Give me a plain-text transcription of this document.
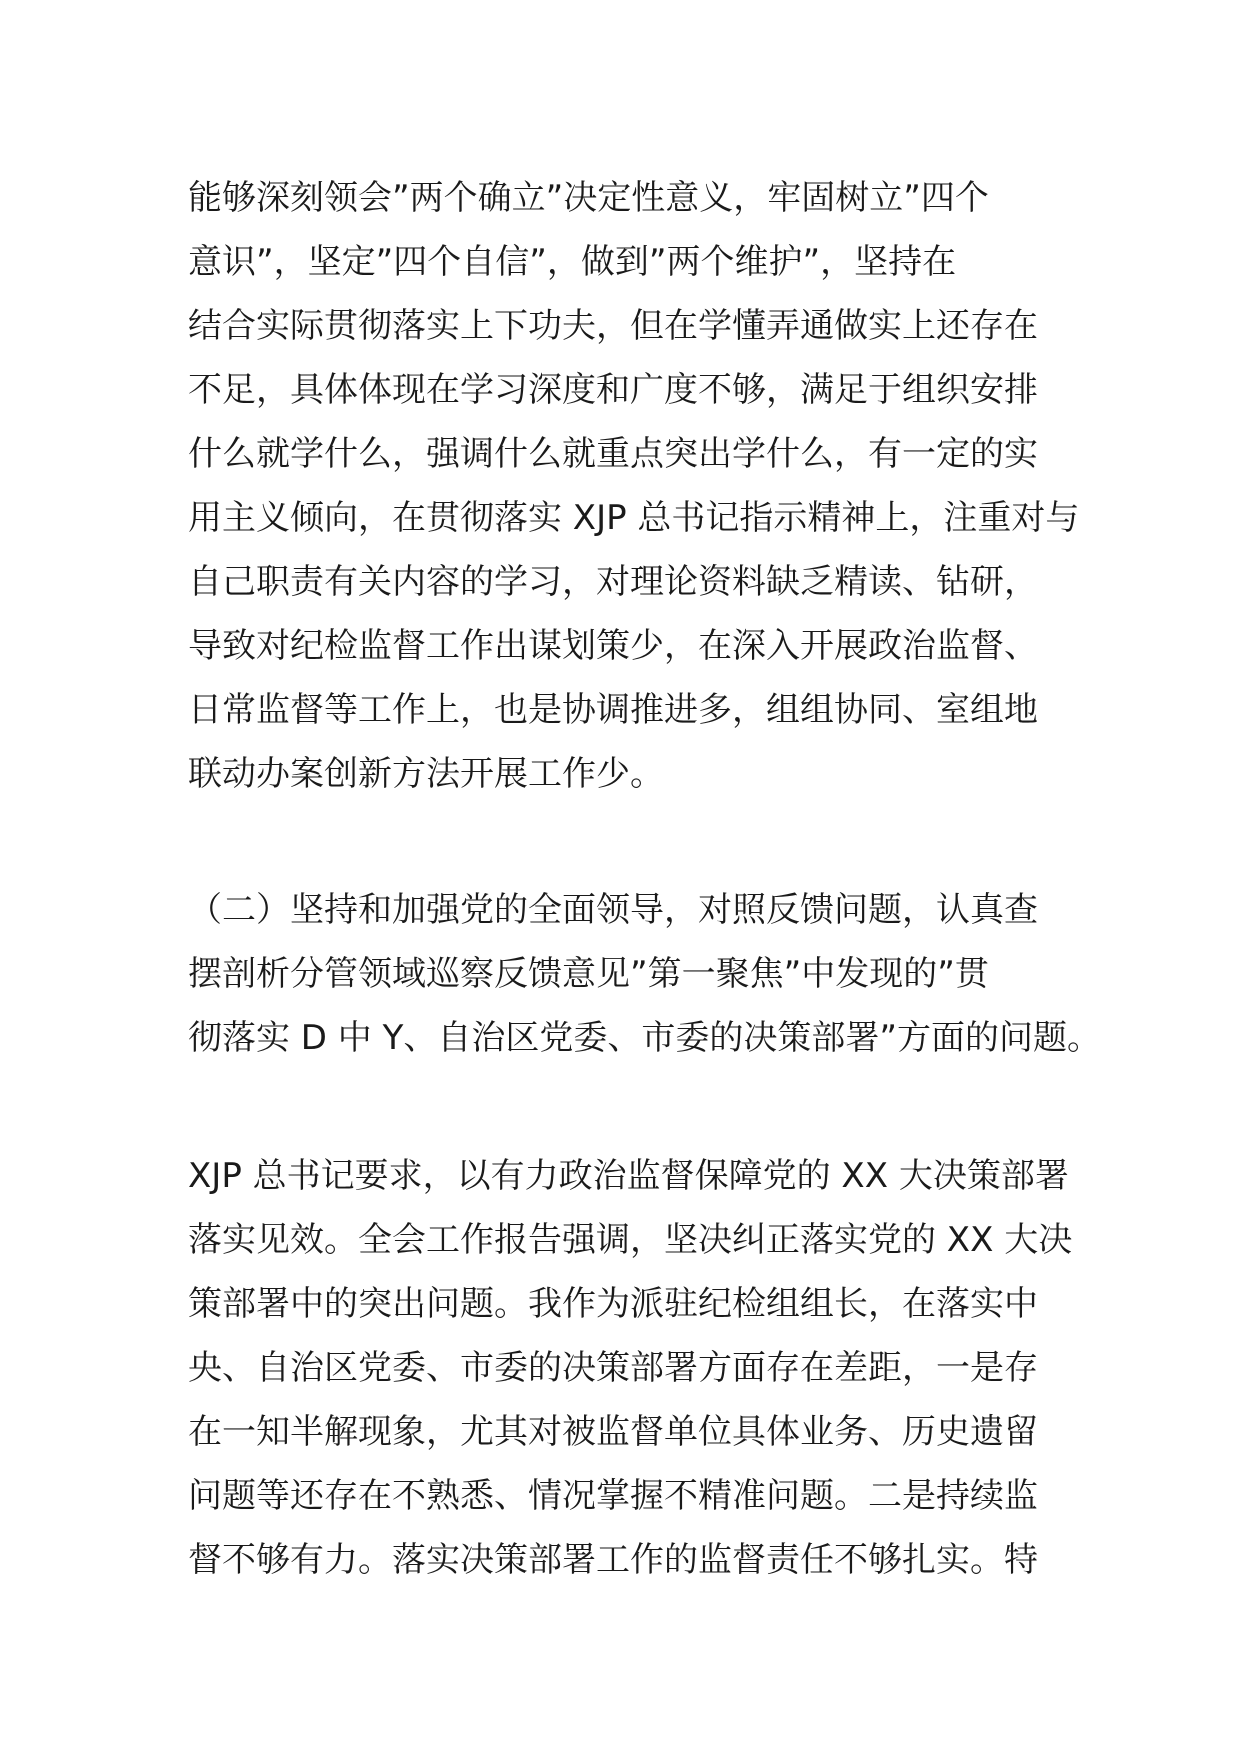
能够深刻领会”两个确立”决定性意义，牢固树立”四个
意识”，坚定”四个自信”，做到”两个维护”，坚持在
结合实际贯彻落实上下功夫，但在学懂弄通做实上还存在
不足，具体体现在学习深度和广度不够，满足于组织安排
什么就学什么，强调什么就重点突出学什么，有一定的实
用主义倾向，在贯彻落实 XJP 总书记指示精神上，注重对与
自己职责有关内容的学习，对理论资料缺乏精读、钻研，
导致对纪检监督工作出谋划策少，在深入开展政治监督、
日常监督等工作上，也是协调推进多，组组协同、室组地
联动办案创新方法开展工作少。
（二）坚持和加强党的全面领导，对照反馈问题，认真查
摆剖析分管领域巡察反馈意见”第一聚焦”中发现的”贯
彻落实 D 中 Y、自治区党委、市委的决策部署”方面的问题。
XJP 总书记要求，以有力政治监督保障党的 XX 大决策部署
落实见效。全会工作报告强调，坚决纠正落实党的 XX 大决
策部署中的突出问题。我作为派驻纪检组组长，在落实中
央、自治区党委、市委的决策部署方面存在差距，一是存
在一知半解现象，尤其对被监督单位具体业务、历史遗留
问题等还存在不熟悉、情况掌握不精准问题。二是持续监
督不够有力。落实决策部署工作的监督责任不够扎实。特
